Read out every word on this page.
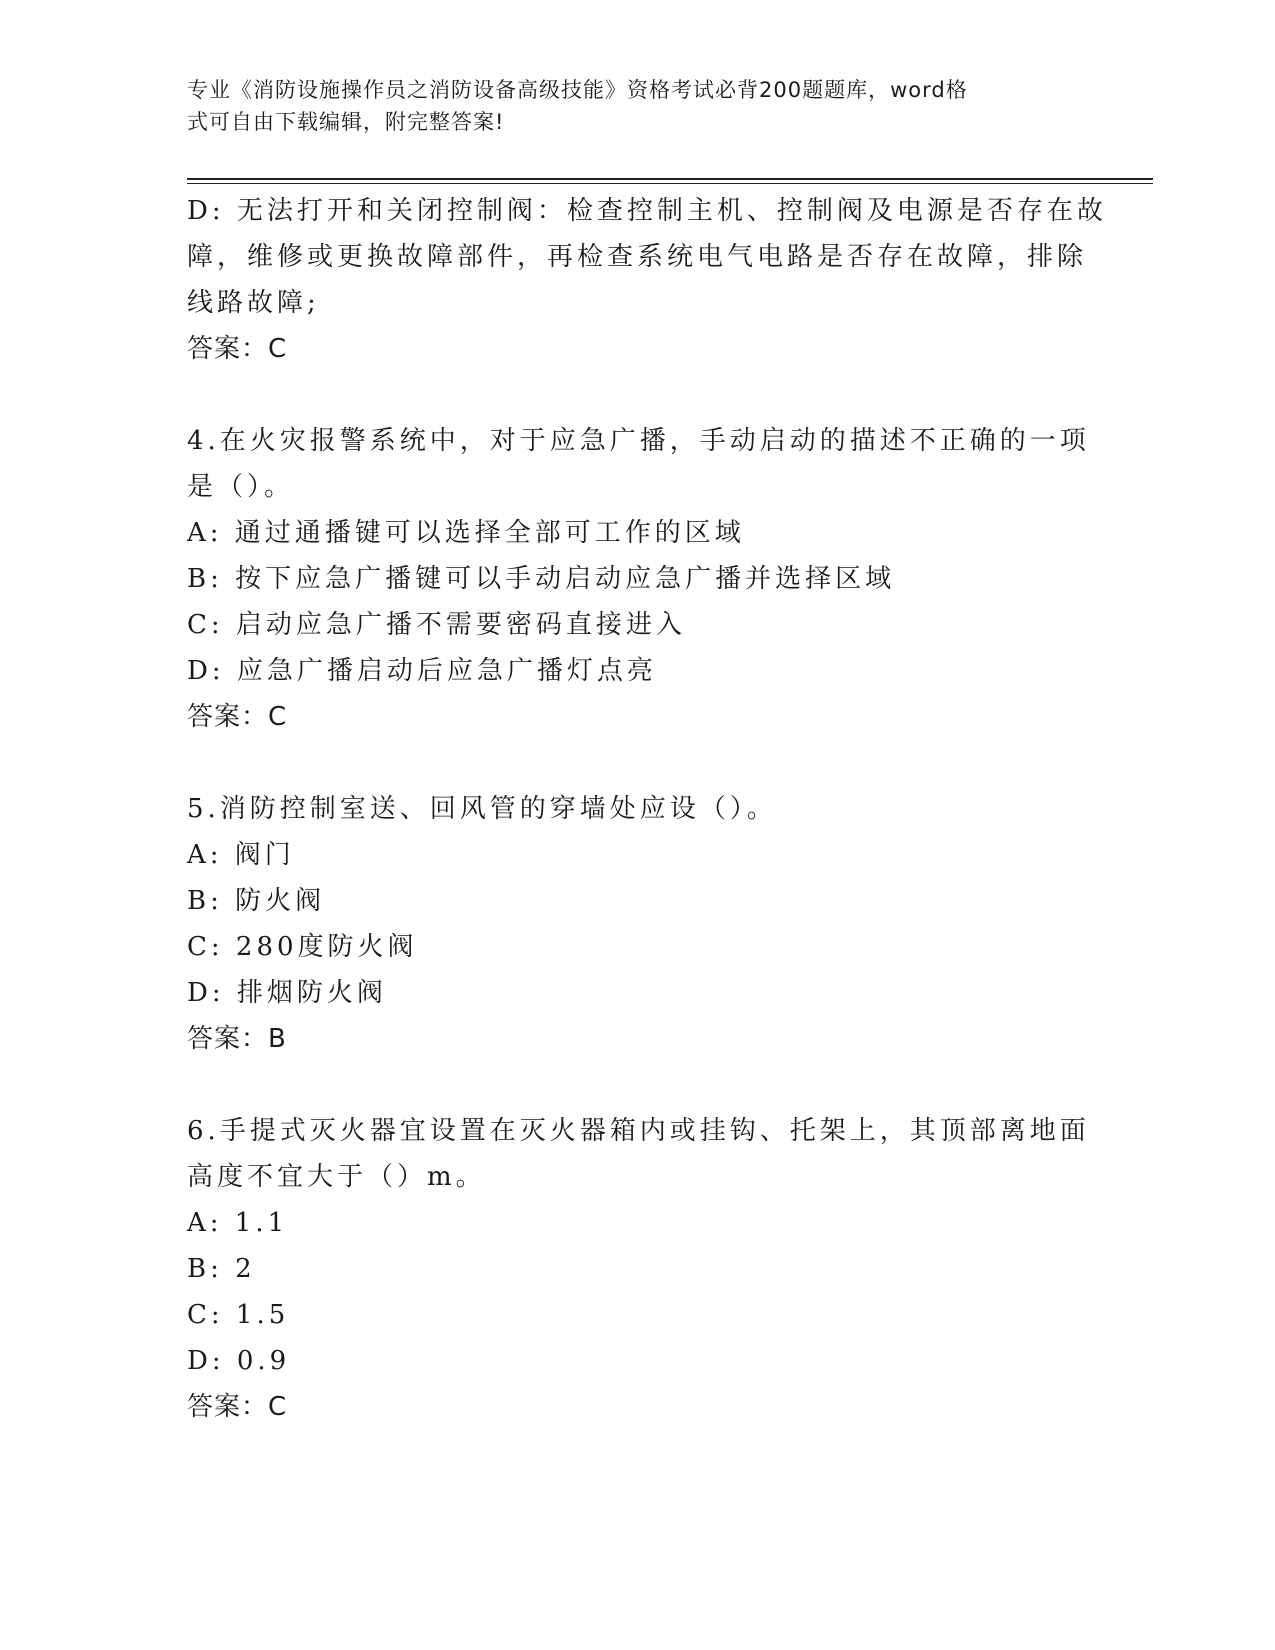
专业《消防设施操作员之消防设备高级技能》资格考试必背200题题库，word格
式可自由下载编辑，附完整答案!
D: 无法打开和关闭控制阀：检查控制主机、控制阀及电源是否存在故
障，维修或更换故障部件，再检查系统电气电路是否存在故障，排除
线路故障;
答案：C
4.在火灾报警系统中，对于应急广播，手动启动的描述不正确的一项
是（）。
A: 通过通播键可以选择全部可工作的区域
B: 按下应急广播键可以手动启动应急广播并选择区域
C: 启动应急广播不需要密码直接进入
D: 应急广播启动后应急广播灯点亮
答案：C
5.消防控制室送、回风管的穿墙处应设（）。
A: 阀门
B: 防火阀
C: 280度防火阀
D: 排烟防火阀
答案：B
6.手提式灭火器宜设置在灭火器箱内或挂钩、托架上，其顶部离地面
高度不宜大于（）m。
A: 1.1
B: 2
C: 1.5
D: 0.9
答案：C
